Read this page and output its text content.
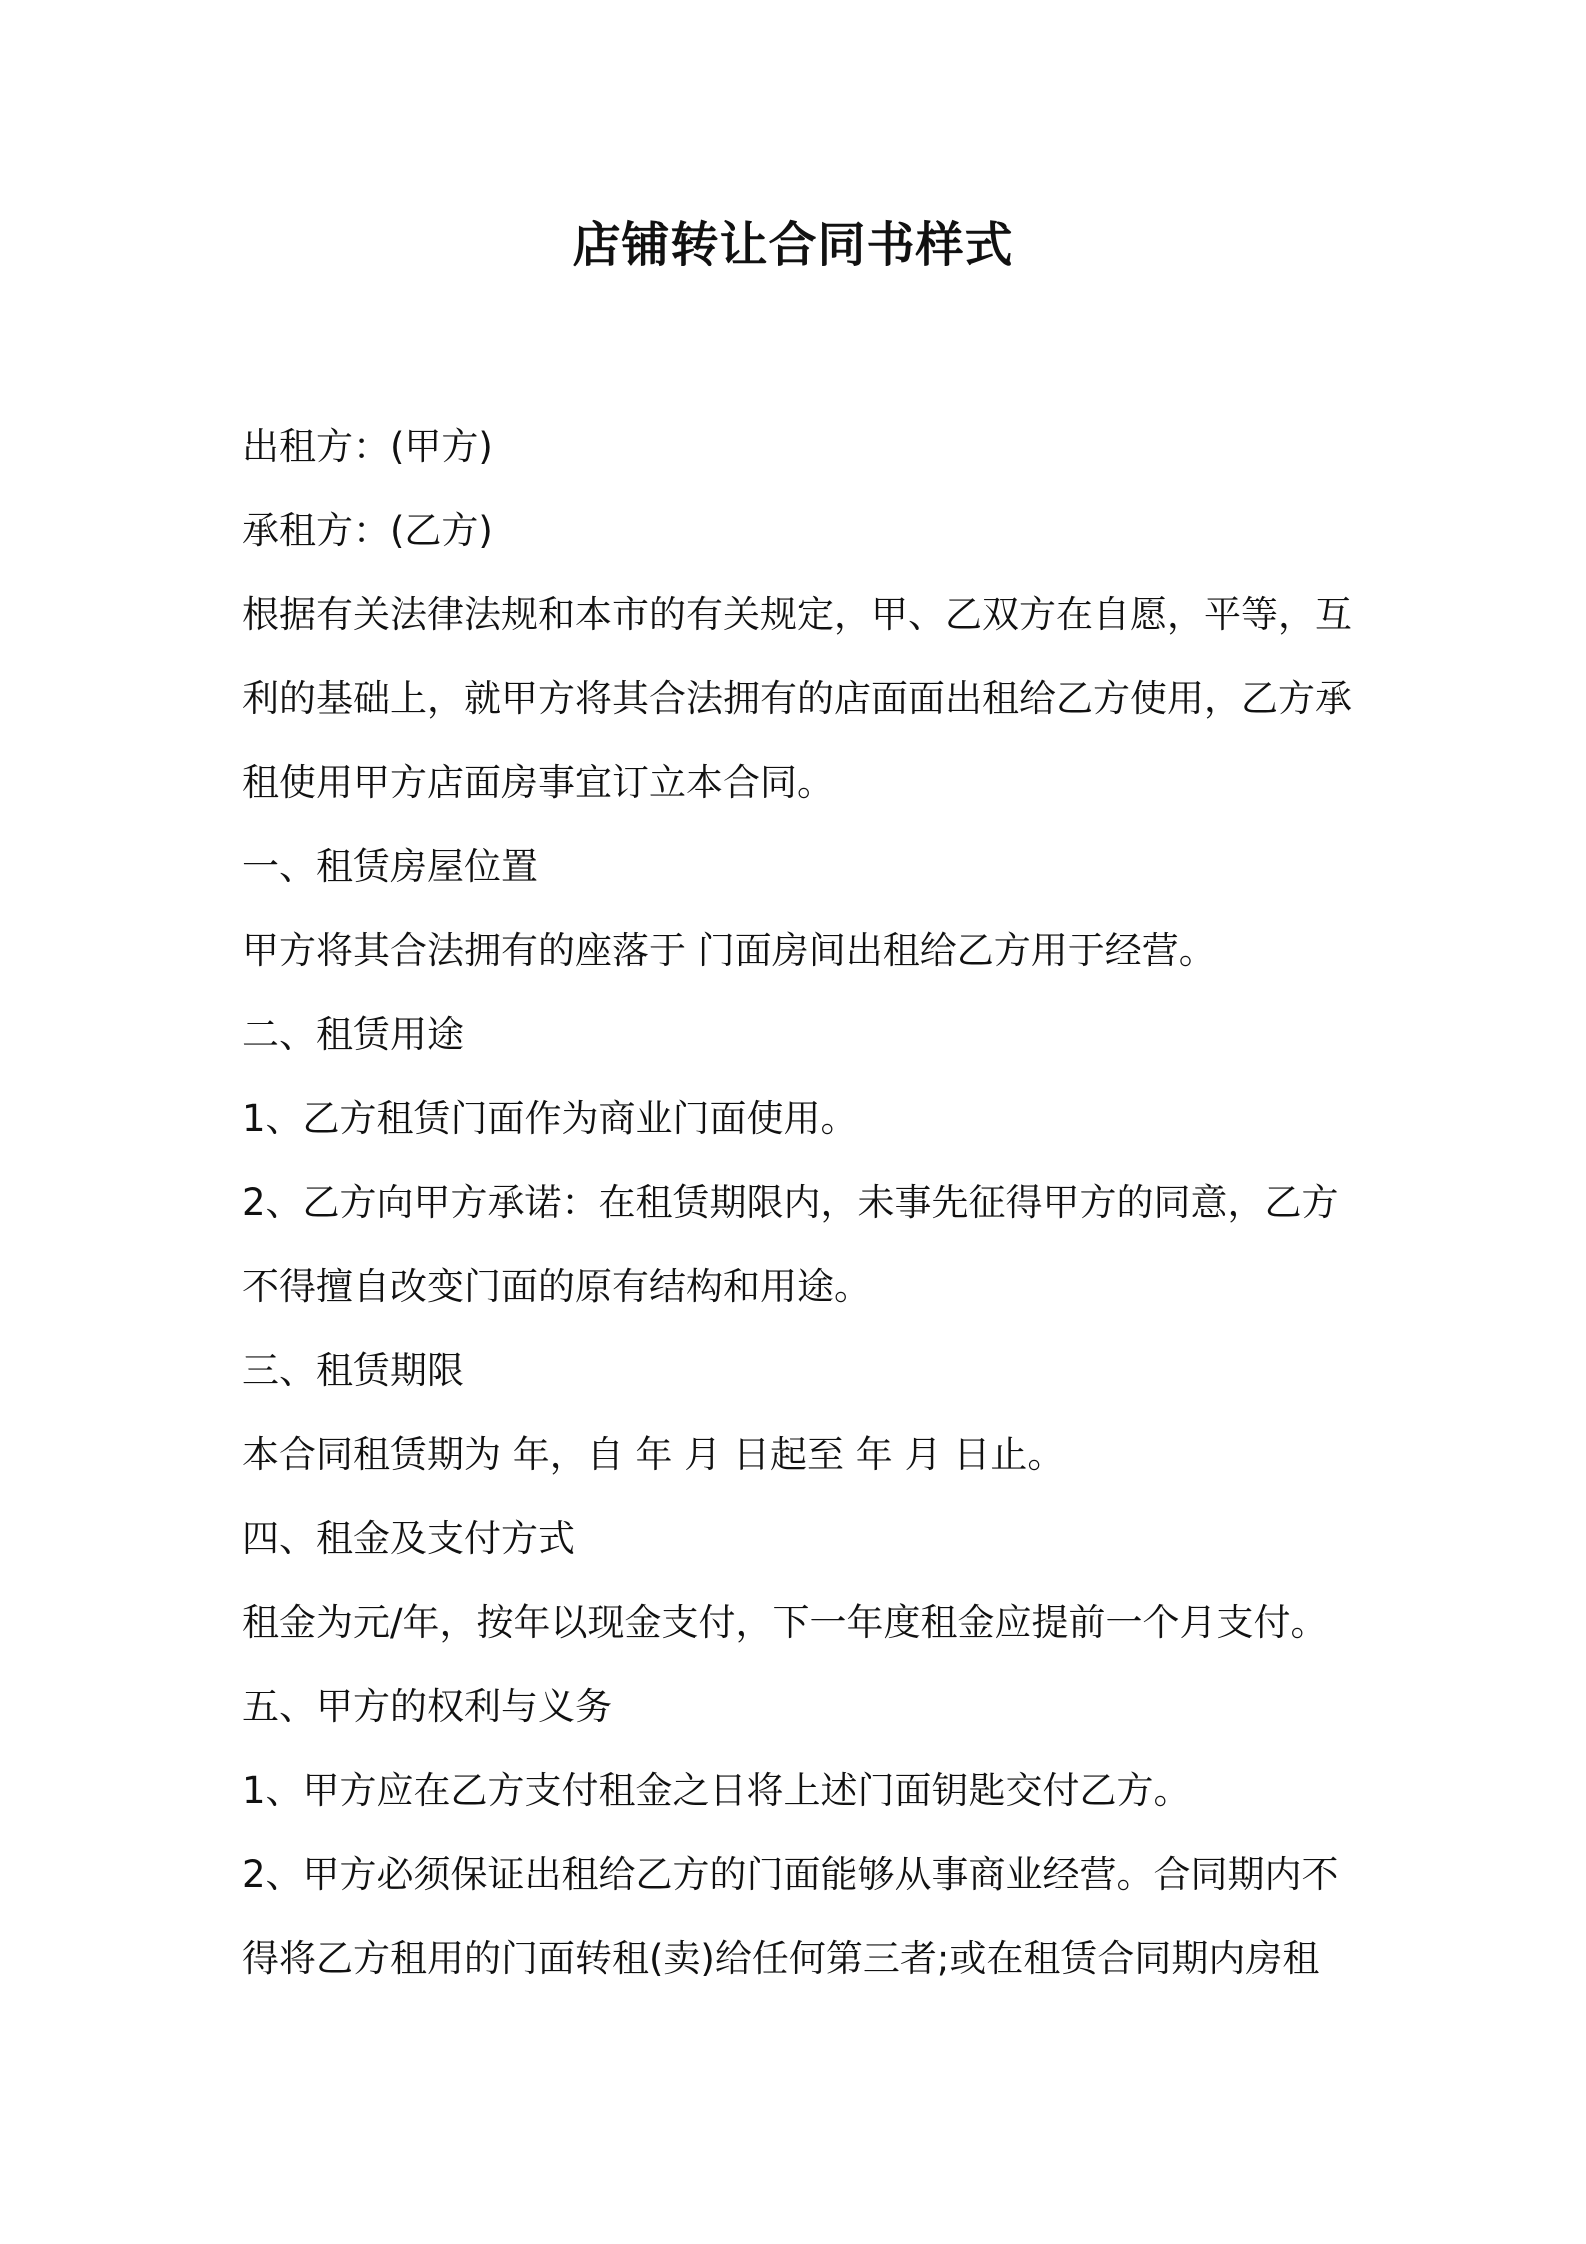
店铺转让合同书样式

出租方：(甲方)

承租方：(乙方)

根据有关法律法规和本市的有关规定，甲、乙双方在自愿，平等，互
利的基础上，就甲方将其合法拥有的店面面出租给乙方使用，乙方承
租使用甲方店面房事宜订立本合同。

一、租赁房屋位置

甲方将其合法拥有的座落于 门面房间出租给乙方用于经营。

二、租赁用途

1、乙方租赁门面作为商业门面使用。

2、乙方向甲方承诺：在租赁期限内，未事先征得甲方的同意，乙方
不得擅自改变门面的原有结构和用途。

三、租赁期限

本合同租赁期为 年，自 年 月 日起至 年 月 日止。

四、租金及支付方式

租金为元/年，按年以现金支付，下一年度租金应提前一个月支付。

五、甲方的权利与义务

1、甲方应在乙方支付租金之日将上述门面钥匙交付乙方。

2、甲方必须保证出租给乙方的门面能够从事商业经营。合同期内不
得将乙方租用的门面转租(卖)给任何第三者;或在租赁合同期内房租
